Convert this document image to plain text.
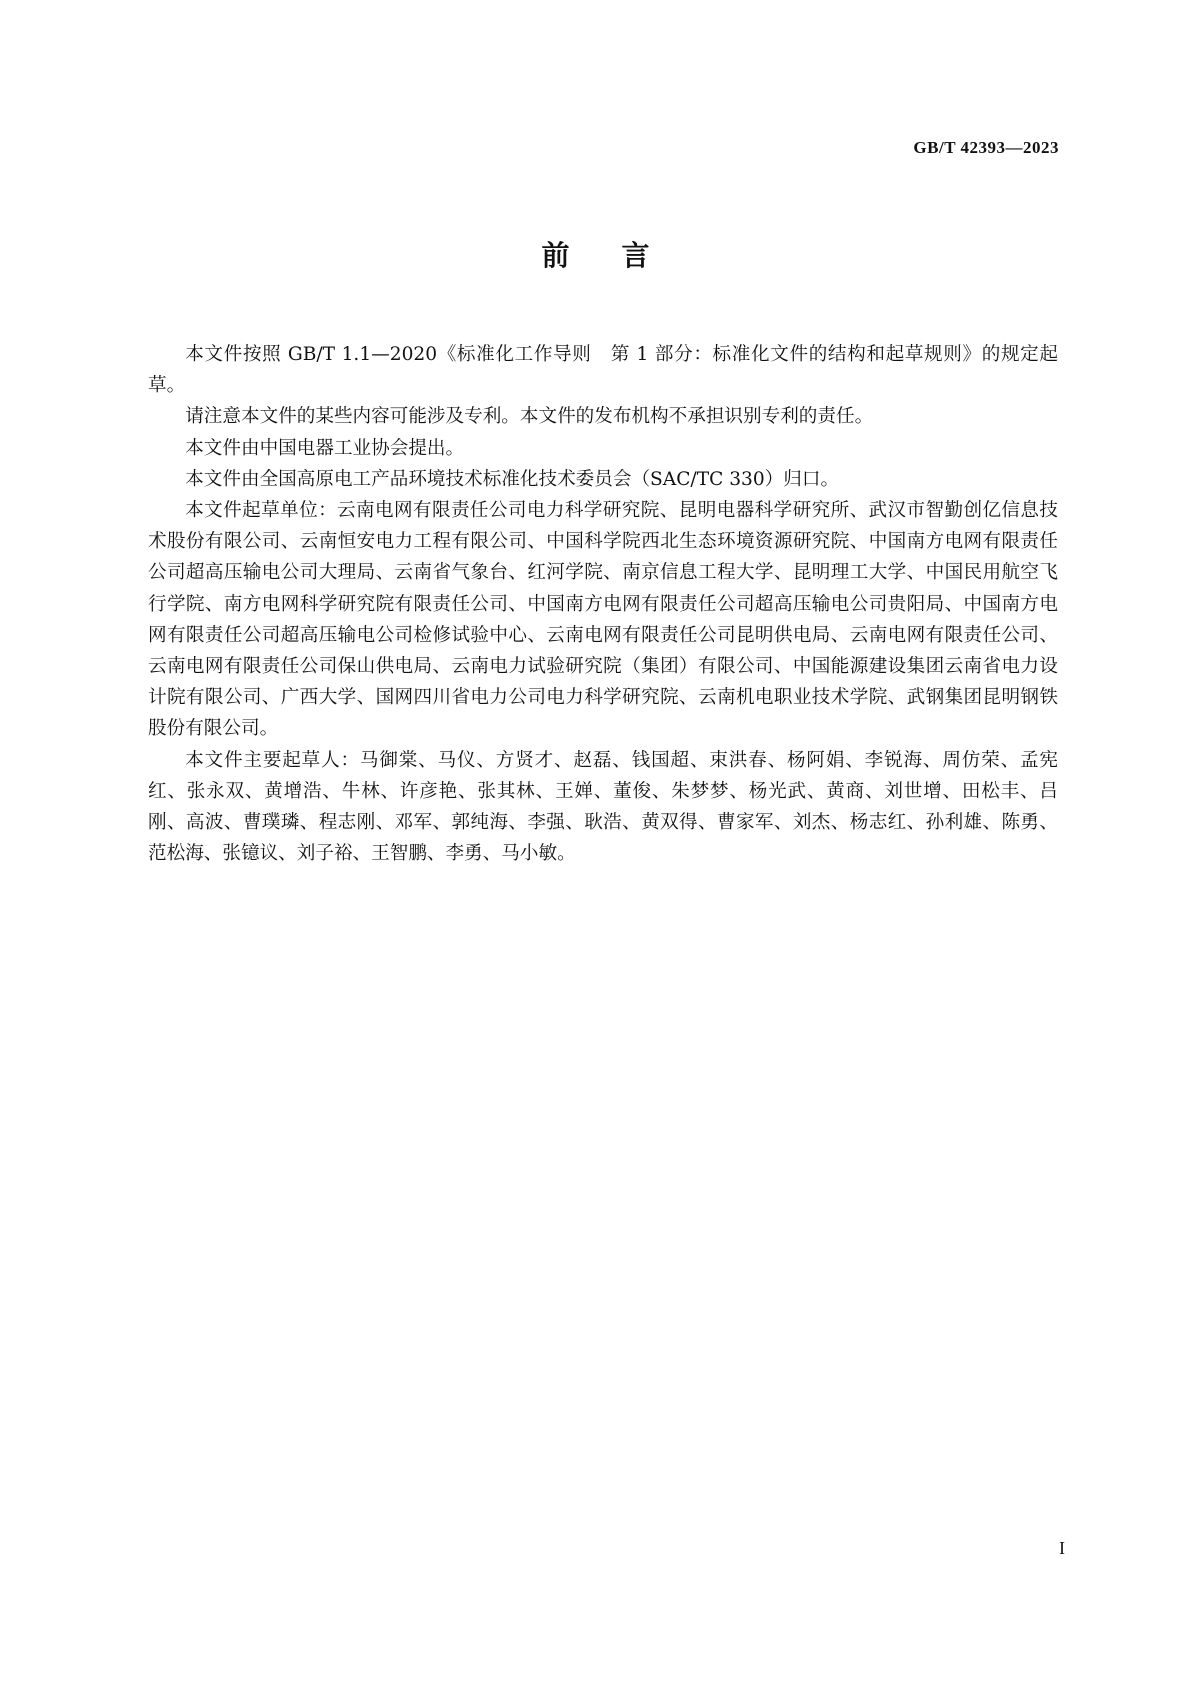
GB/T 42393—2023
前言

本文件按照 GB/T 1.1—2020《标准化工作导则　第 1 部分：标准化文件的结构和起草规则》的规定起草。

请注意本文件的某些内容可能涉及专利。本文件的发布机构不承担识别专利的责任。

本文件由中国电器工业协会提出。

本文件由全国高原电工产品环境技术标准化技术委员会（SAC/TC 330）归口。

本文件起草单位：云南电网有限责任公司电力科学研究院、昆明电器科学研究所、武汉市智勤创亿信息技术股份有限公司、云南恒安电力工程有限公司、中国科学院西北生态环境资源研究院、中国南方电网有限责任公司超高压输电公司大理局、云南省气象台、红河学院、南京信息工程大学、昆明理工大学、中国民用航空飞行学院、南方电网科学研究院有限责任公司、中国南方电网有限责任公司超高压输电公司贵阳局、中国南方电网有限责任公司超高压输电公司检修试验中心、云南电网有限责任公司昆明供电局、云南电网有限责任公司、云南电网有限责任公司保山供电局、云南电力试验研究院（集团）有限公司、中国能源建设集团云南省电力设计院有限公司、广西大学、国网四川省电力公司电力科学研究院、云南机电职业技术学院、武钢集团昆明钢铁股份有限公司。

本文件主要起草人：马御棠、马仪、方贤才、赵磊、钱国超、束洪春、杨阿娟、李锐海、周仿荣、孟宪红、张永双、黄增浩、牛林、许彦艳、张其林、王婵、董俊、朱梦梦、杨光武、黄商、刘世增、田松丰、吕刚、高波、曹璞璘、程志刚、邓军、郭纯海、李强、耿浩、黄双得、曹家军、刘杰、杨志红、孙利雄、陈勇、范松海、张镱议、刘子裕、王智鹏、李勇、马小敏。

I
